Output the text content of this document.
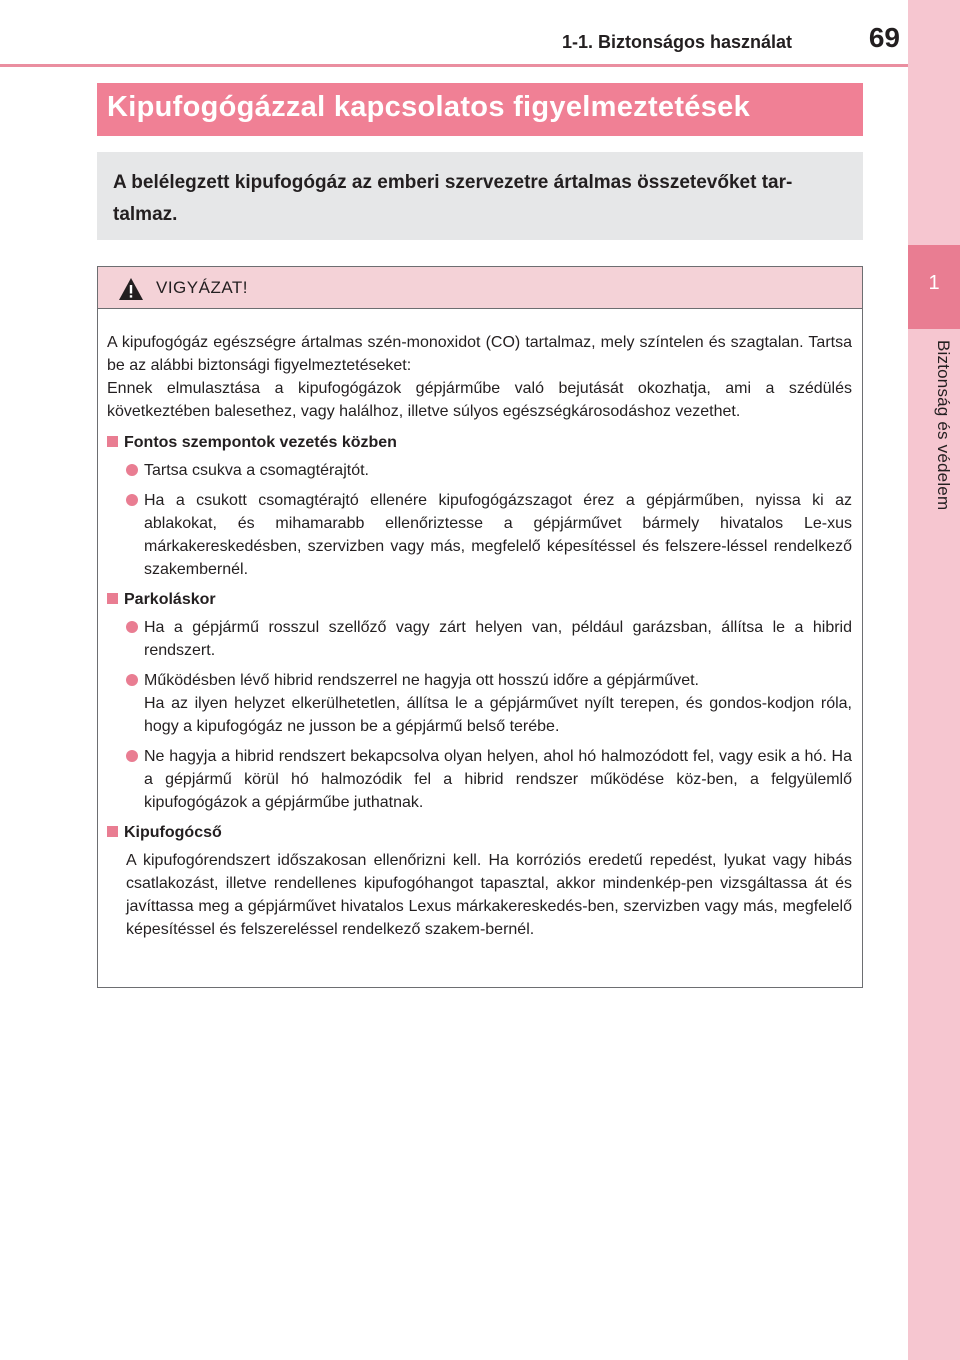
1
Biztonság és védelem
1-1. Biztonságos használat	69
Kipufogógázzal kapcsolatos figyelmeztetések
A belélegzett kipufogógáz az emberi szervezetre ártalmas összetevőket tar-talmaz.
VIGYÁZAT!
A kipufogógáz egészségre ártalmas szén-monoxidot (CO) tartalmaz, mely színtelen és szagtalan. Tartsa be az alábbi biztonsági figyelmeztetéseket:
Ennek elmulasztása a kipufogógázok gépjárműbe való bejutását okozhatja, ami a szédülés következtében balesethez, vagy halálhoz, illetve súlyos egészségkárosodáshoz vezethet.
Fontos szempontok vezetés közben
Tartsa csukva a csomagtérajtót.
Ha a csukott csomagtérajtó ellenére kipufogógázszagot érez a gépjárműben, nyissa ki az ablakokat, és mihamarabb ellenőriztesse a gépjárművet bármely hivatalos Le-xus márkakereskedésben, szervizben vagy más, megfelelő képesítéssel és felszere-léssel rendelkező szakembernél.
Parkoláskor
Ha a gépjármű rosszul szellőző vagy zárt helyen van, például garázsban, állítsa le a hibrid rendszert.
Működésben lévő hibrid rendszerrel ne hagyja ott hosszú időre a gépjárművet.
Ha az ilyen helyzet elkerülhetetlen, állítsa le a gépjárművet nyílt terepen, és gondos-kodjon róla, hogy a kipufogógáz ne jusson be a gépjármű belső terébe.
Ne hagyja a hibrid rendszert bekapcsolva olyan helyen, ahol hó halmozódott fel, vagy esik a hó. Ha a gépjármű körül hó halmozódik fel a hibrid rendszer működése köz-ben, a felgyülemlő kipufogógázok a gépjárműbe juthatnak.
Kipufogócső
A kipufogórendszert időszakosan ellenőrizni kell. Ha korróziós eredetű repedést, lyukat vagy hibás csatlakozást, illetve rendellenes kipufogóhangot tapasztal, akkor mindenkép-pen vizsgáltassa át és javíttassa meg a gépjárművet hivatalos Lexus márkakereskedés-ben, szervizben vagy más, megfelelő képesítéssel és felszereléssel rendelkező szakem-bernél.
